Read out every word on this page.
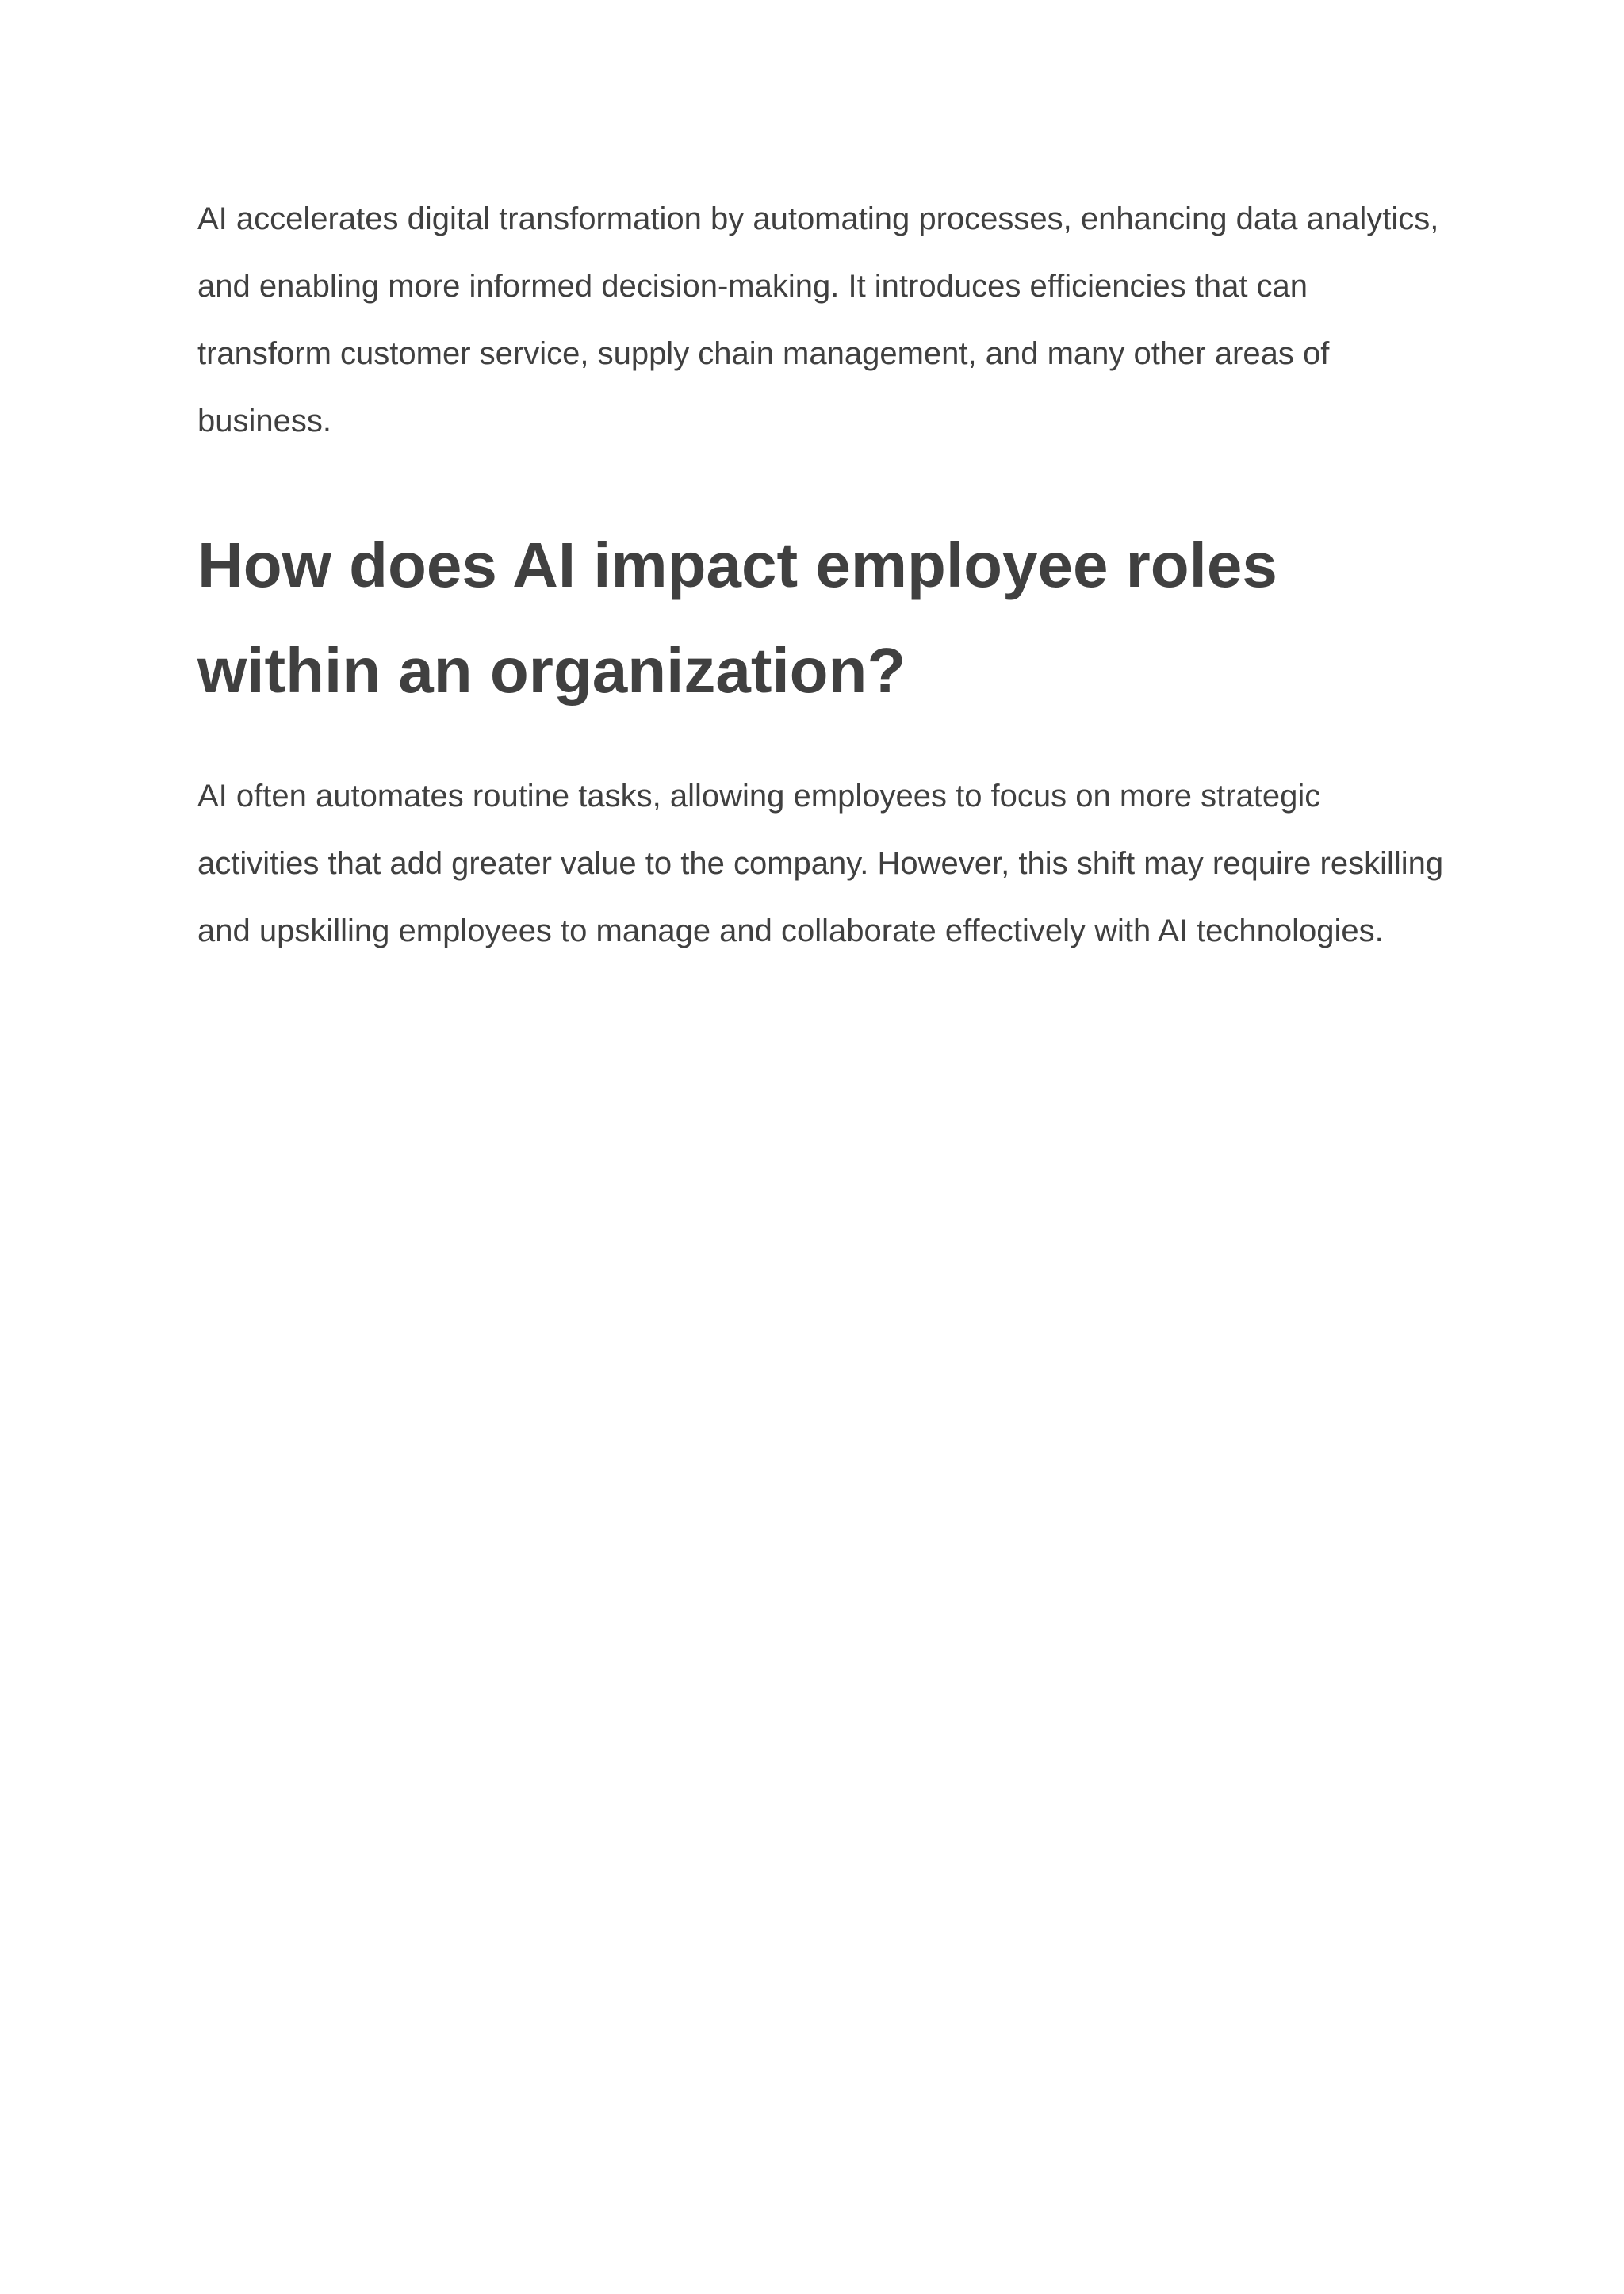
AI accelerates digital transformation by automating processes, enhancing data analytics, and enabling more informed decision-making. It introduces efficiencies that can transform customer service, supply chain management, and many other areas of business.

How does AI impact employee roles within an organization?

AI often automates routine tasks, allowing employees to focus on more strategic activities that add greater value to the company. However, this shift may require reskilling and upskilling employees to manage and collaborate effectively with AI technologies.
